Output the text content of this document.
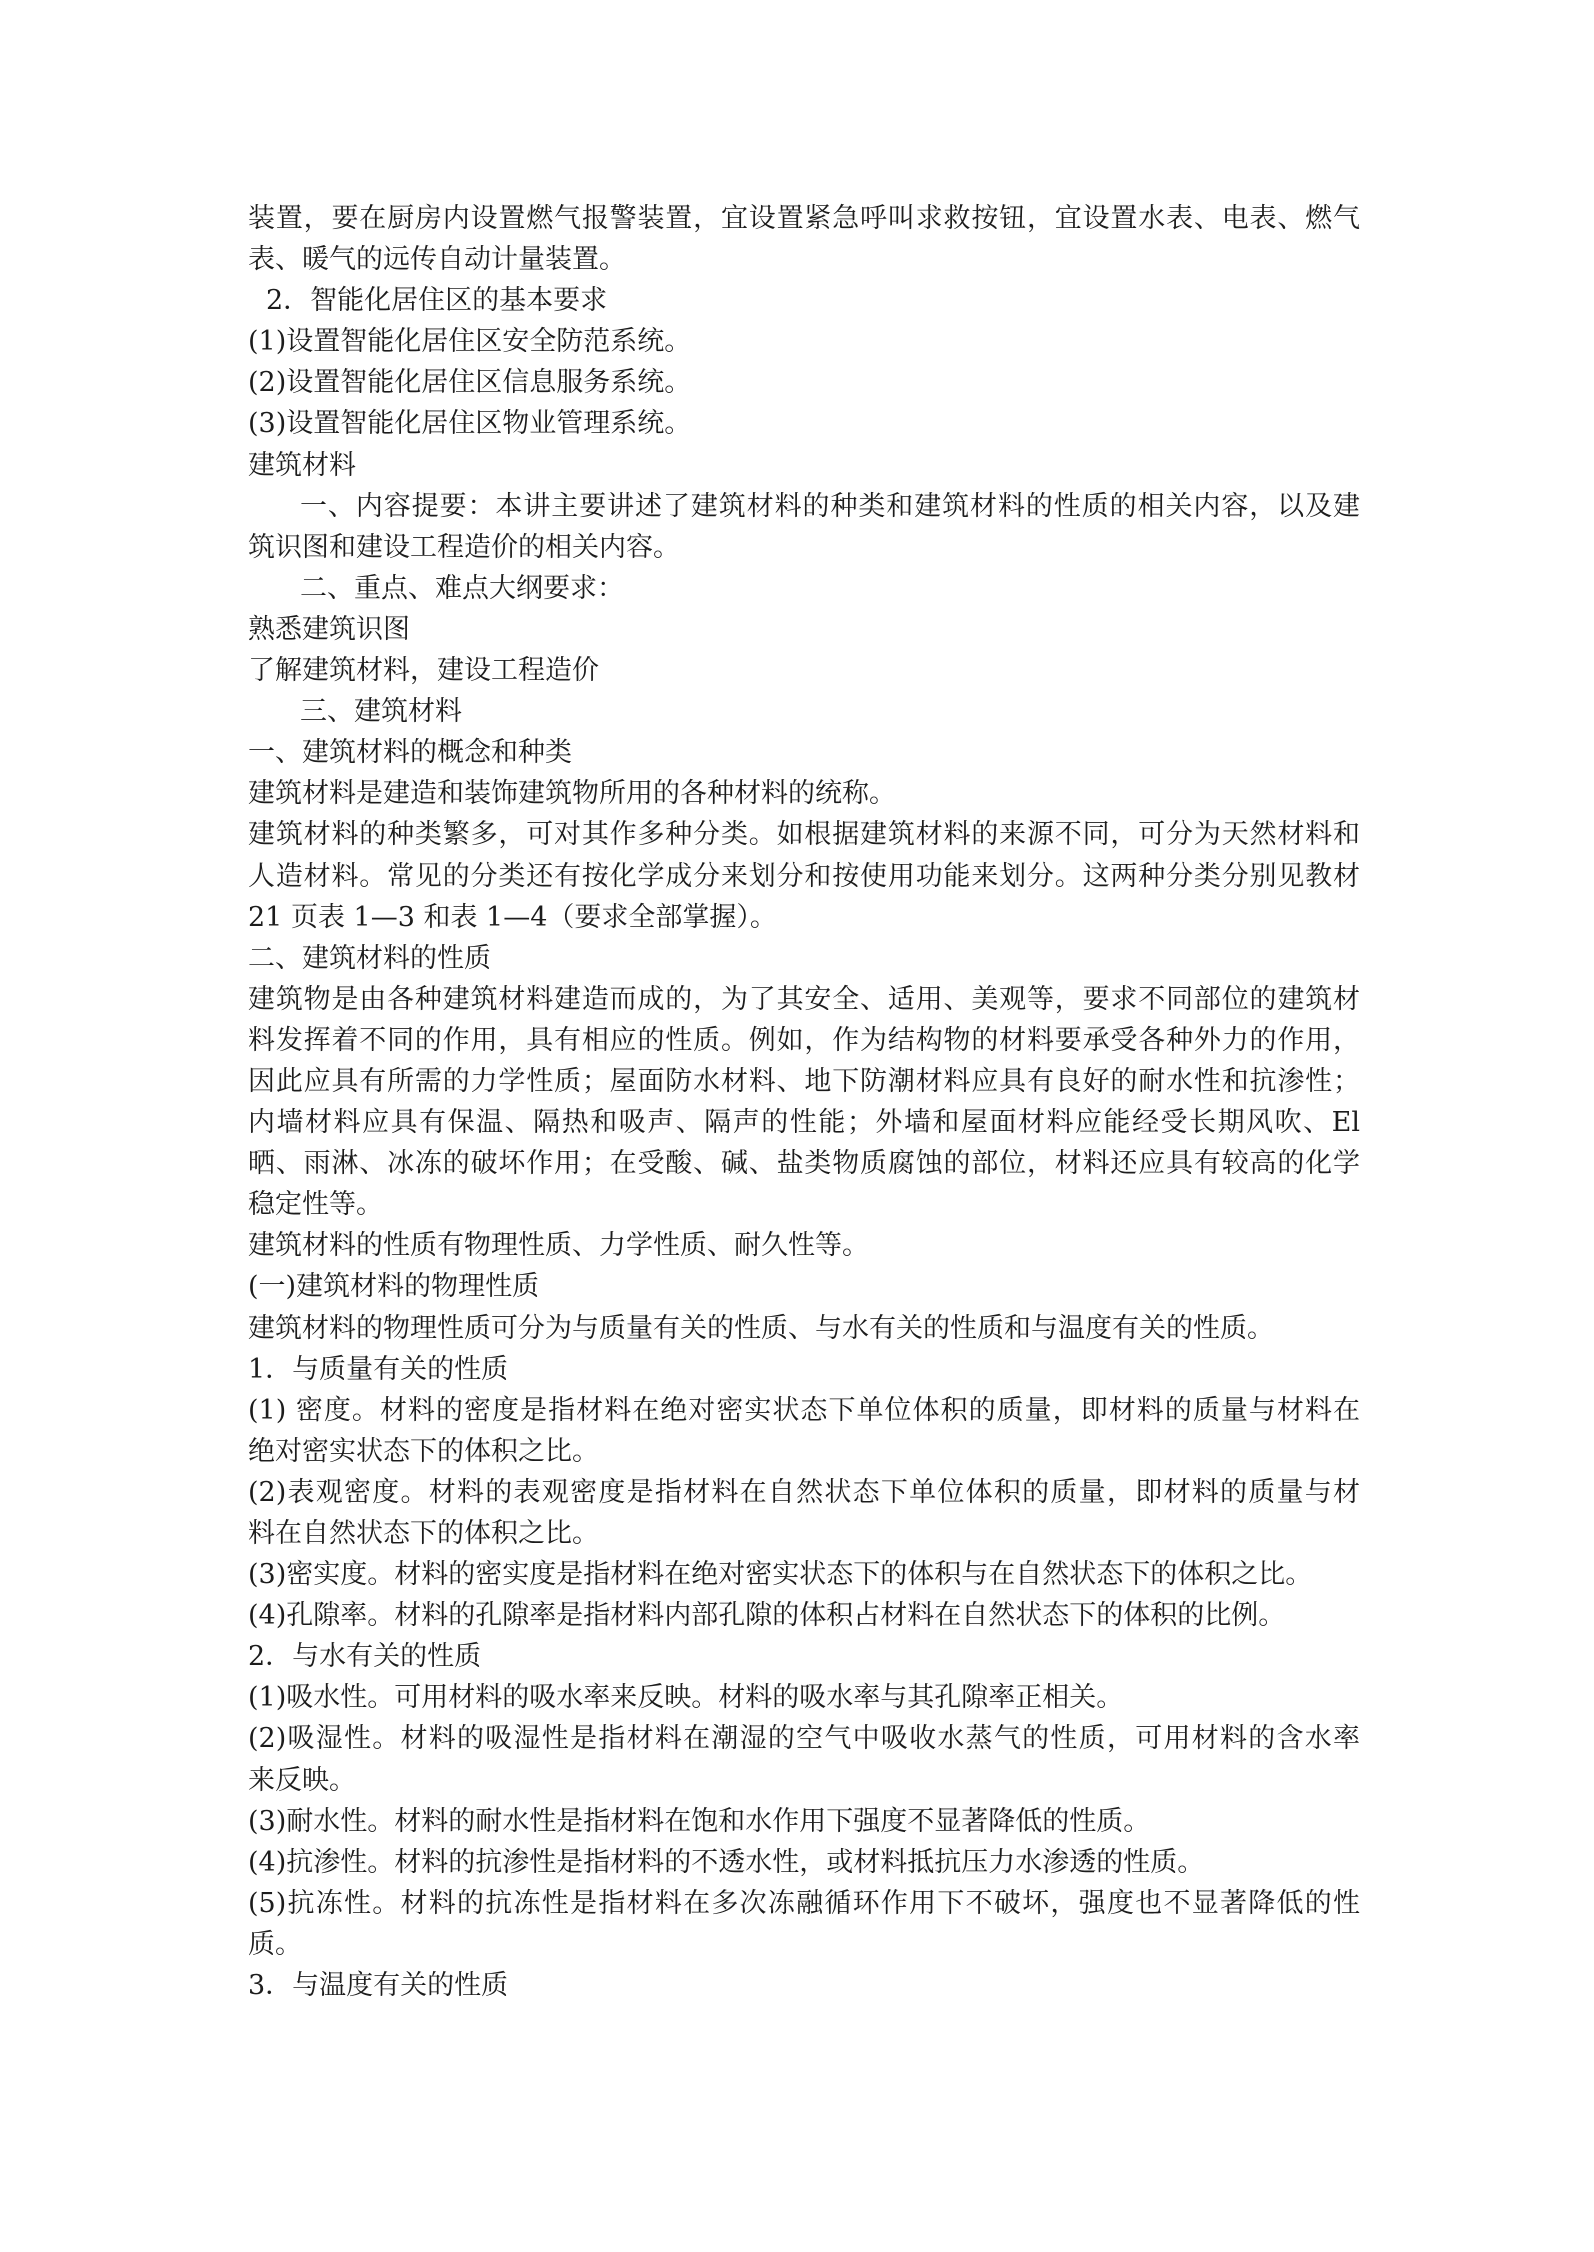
装置，要在厨房内设置燃气报警装置，宜设置紧急呼叫求救按钮，宜设置水表、电表、燃气
表、暖气的远传自动计量装置。
2．智能化居住区的基本要求
(1)设置智能化居住区安全防范系统。
(2)设置智能化居住区信息服务系统。
(3)设置智能化居住区物业管理系统。
建筑材料
一、内容提要：本讲主要讲述了建筑材料的种类和建筑材料的性质的相关内容，以及建
筑识图和建设工程造价的相关内容。
二、重点、难点大纲要求：
熟悉建筑识图
了解建筑材料，建设工程造价
三、建筑材料
一、建筑材料的概念和种类
建筑材料是建造和装饰建筑物所用的各种材料的统称。
建筑材料的种类繁多，可对其作多种分类。如根据建筑材料的来源不同，可分为天然材料和
人造材料。常见的分类还有按化学成分来划分和按使用功能来划分。这两种分类分别见教材
21 页表 1—3 和表 1—4（要求全部掌握）。
二、建筑材料的性质
建筑物是由各种建筑材料建造而成的，为了其安全、适用、美观等，要求不同部位的建筑材
料发挥着不同的作用，具有相应的性质。例如，作为结构物的材料要承受各种外力的作用，
因此应具有所需的力学性质；屋面防水材料、地下防潮材料应具有良好的耐水性和抗渗性；
内墙材料应具有保温、隔热和吸声、隔声的性能；外墙和屋面材料应能经受长期风吹、El
晒、雨淋、冰冻的破坏作用；在受酸、碱、盐类物质腐蚀的部位，材料还应具有较高的化学
稳定性等。
建筑材料的性质有物理性质、力学性质、耐久性等。
(一)建筑材料的物理性质
建筑材料的物理性质可分为与质量有关的性质、与水有关的性质和与温度有关的性质。
1．与质量有关的性质
(1) 密度。材料的密度是指材料在绝对密实状态下单位体积的质量，即材料的质量与材料在
绝对密实状态下的体积之比。
(2)表观密度。材料的表观密度是指材料在自然状态下单位体积的质量，即材料的质量与材
料在自然状态下的体积之比。
(3)密实度。材料的密实度是指材料在绝对密实状态下的体积与在自然状态下的体积之比。
(4)孔隙率。材料的孔隙率是指材料内部孔隙的体积占材料在自然状态下的体积的比例。
2．与水有关的性质
(1)吸水性。可用材料的吸水率来反映。材料的吸水率与其孔隙率正相关。
(2)吸湿性。材料的吸湿性是指材料在潮湿的空气中吸收水蒸气的性质，可用材料的含水率
来反映。
(3)耐水性。材料的耐水性是指材料在饱和水作用下强度不显著降低的性质。
(4)抗渗性。材料的抗渗性是指材料的不透水性，或材料抵抗压力水渗透的性质。
(5)抗冻性。材料的抗冻性是指材料在多次冻融循环作用下不破坏，强度也不显著降低的性
质。
3．与温度有关的性质
